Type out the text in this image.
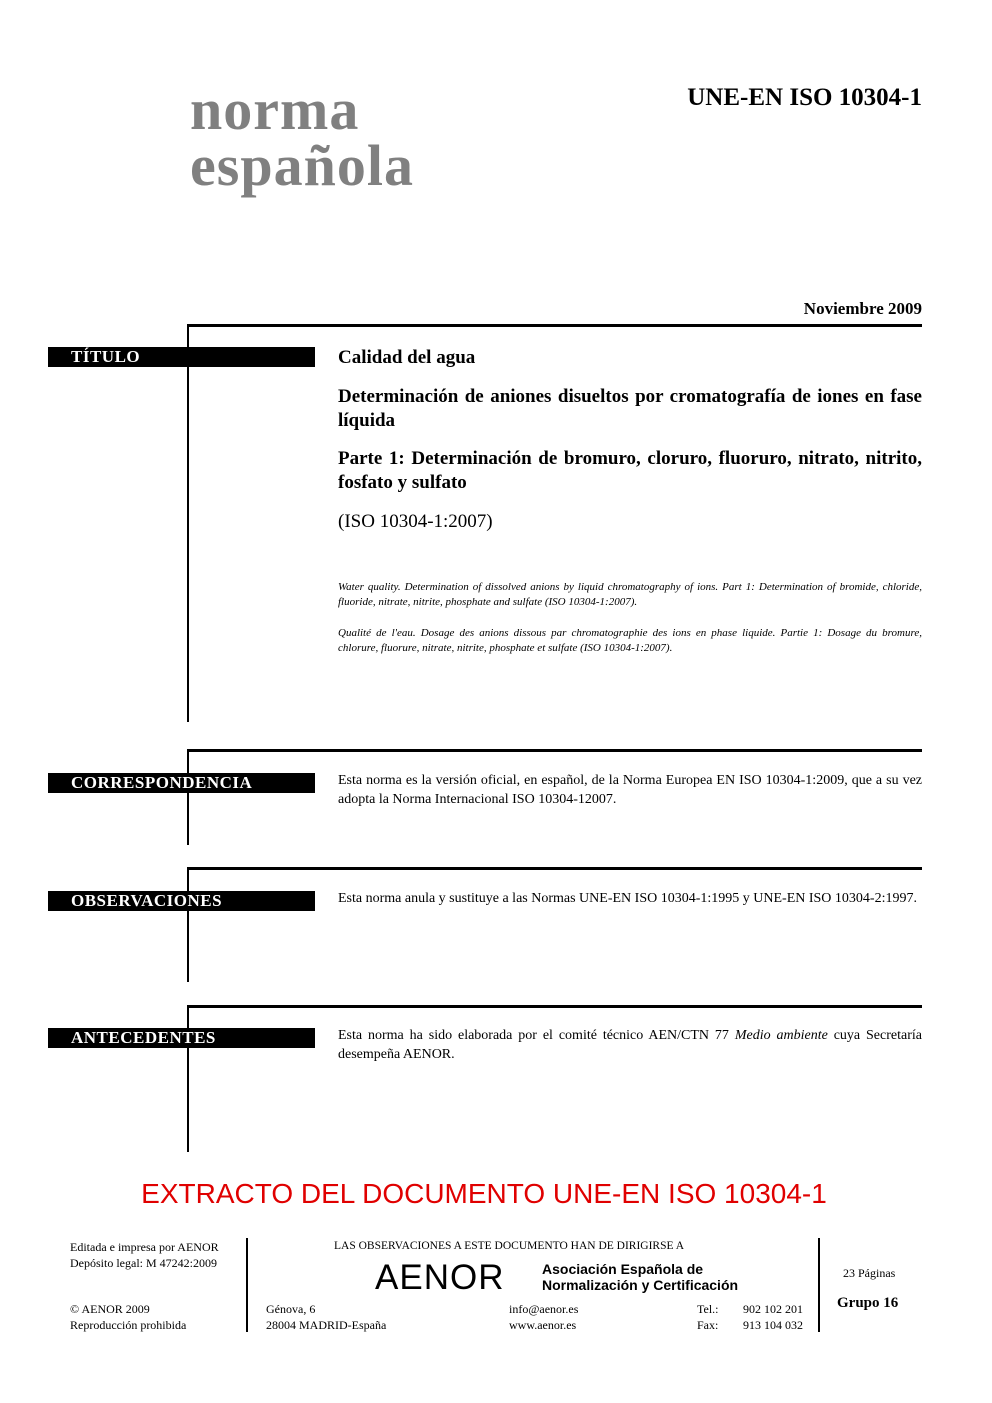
norma
española
UNE-EN ISO 10304-1
Noviembre 2009
TÍTULO	Calidad del agua
Determinación de aniones disueltos por cromatografía de iones en fase líquida
Parte 1: Determinación de bromuro, cloruro, fluoruro, nitrato, nitrito, fosfato y sulfato
(ISO 10304-1:2007)
Water quality. Determination of dissolved anions by liquid chromatography of ions. Part 1: Determination of bromide, chloride, fluoride, nitrate, nitrite, phosphate and sulfate (ISO 10304-1:2007).
Qualité de l'eau. Dosage des anions dissous par chromatographie des ions en phase liquide. Partie 1: Dosage du bromure, chlorure, fluorure, nitrate, nitrite, phosphate et sulfate (ISO 10304-1:2007).
CORRESPONDENCIA	Esta norma es la versión oficial, en español, de la Norma Europea EN ISO 10304-1:2009, que a su vez adopta la Norma Internacional ISO 10304-12007.
OBSERVACIONES	Esta norma anula y sustituye a las Normas UNE-EN ISO 10304-1:1995 y UNE-EN ISO 10304-2:1997.
ANTECEDENTES	Esta norma ha sido elaborada por el comité técnico AEN/CTN 77 Medio ambiente cuya Secretaría desempeña AENOR.
EXTRACTO DEL DOCUMENTO UNE-EN ISO 10304-1
Editada e impresa por AENOR
Depósito legal: M 47242:2009
© AENOR 2009
Reproducción prohibida
LAS OBSERVACIONES A ESTE DOCUMENTO HAN DE DIRIGIRSE A
AENOR	Asociación Española de
Normalización y Certificación
Génova, 6
28004 MADRID-España
info@aenor.es
www.aenor.es
Tel.: 902 102 201
Fax: 913 104 032
23 Páginas
Grupo 16
